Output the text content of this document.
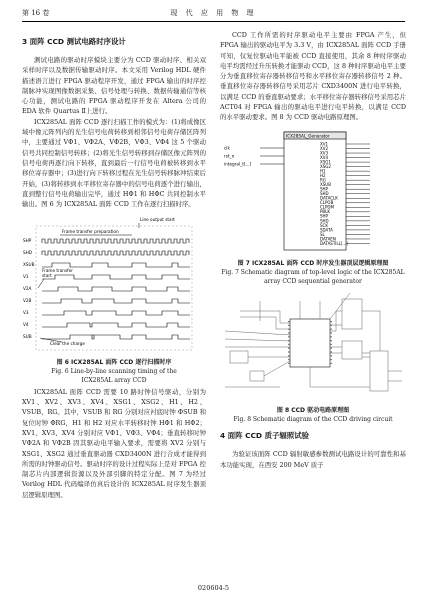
第 16 卷	现 代 应 用 物 理
3 面阵 CCD 测试电路时序设计

测试电路的驱动时序模块主要分为 CCD 驱动时序、相关双采样时序以及数据传输驱动时序。本文采用 Verilog HDL 硬件描述语言进行 FPGA 驱动程序开发，通过 FPGA 输出的时序控制脉冲实现图像数据采集、信号处理与转换、数据传输通信等核心功能，测试电路的 FPGA 驱动程序开发在 Altera 公司的 EDA 软件 Quartus Ⅱ上进行。

ICX285AL 面阵 CCD 逐行扫描工作的模式为：(1)将成像区域中像元阵列内的光生信号电荷转移到相邻信号电荷存储区阵列中，主要通过 VΦ1、VΦ2A、VΦ2B、VΦ3、VΦ4 这 5 个驱动信号共同控制信号转移；(2)将光生信号转移到存储区像元阵列的信号电荷再逐行向下转移，直到最后一行信号电荷被转移到水平移位寄存器中；(3)进行向下转移过程在光生信号转移脉冲结束后开始，(3)将转移到水平移位寄存器中的信号电荷逐个进行输出，直到整行信号电荷输出完毕，通过 HΦ1 和 HΦC 共同控制水平输出。图 6 为 ICX285AL 面阵 CCD 工作在逐行扫描时序。

Line output start
Frame transfer preparation
Frame transfer
start
Clear the charge
SHP
SHD
XSUB
V1
V2A
V2B
V3
V4
SUB
图 6 ICX285AL 面阵 CCD 逐行扫描时序
Fig. 6 Line-by-line scanning timing of the
ICX285AL array CCD

ICX285AL 面阵 CCD 需要 10 路时钟信号驱动，分别为 XV1、XV2、XV3、XV4、XSG1、XSG2、H1、H2、VSUB、RG。其中，VSUB 和 RG 分别对应衬底时钟 ΦSUB 和复位时钟 ΦRG，H1 和 H2 对应水平转移时钟 HΦ1 和 HΦ2；XV1、XV3、XV4 分别对应 VΦ1、VΦ3、VΦ4；垂直转移时钟 VΦ2A 和 VΦ2B 因其驱动电平输入要求，需要将 XV2 分别与 XSG1、XSG2 通过垂直驱动器 CXD3400N 进行合成才能得到所需的时钟驱动信号。驱动时序的设计过程实际上是对 FPGA 控制芯片内部逻辑资源以及外部引脚的特定分配。图 7 为经过 Verilog HDL 代码编译仿真后设计的 ICX285AL 时序发生器顶层逻辑原理图。

CCD 工作所需的时序驱动电平主要由 FPGA 产生，但 FPGA 输出的驱动电平为 3.3 V，由 ICX285AL 面阵 CCD 手册可知，仅复位驱动电平能被 CCD 直接使用，其余 8 种时序驱动电平均需经过升压转换才能驱动 CCD，这 8 种时序驱动电平主要分为垂直移位寄存器转移信号和水平移位寄存器转移信号 2 种。垂直移位寄存器转移信号采用芯片 CXD3400N 进行电平转换，以满足 CCD 的垂直驱动要求；水平移位寄存器转移信号采用芯片 ACT04 对 FPGA 输出的驱动电平进行电平转换，以满足 CCD 的水平驱动要求。图 8 为 CCD 驱动电路原理图。

ICX285AL_Generator
clk
rst_n
integral_t[...]
XV1
XV2
XV3
XV4
XSG1
XSG2
H1
H2
RG
XSUB
SHP
SHD
DATACLK
CLPOB
CLPDM
PBLK
SHP
SHD
SCK
SDATA
SL
DATAEN
DATASTILL[...]
图 7 ICX285AL 面阵 CCD 时序发生器顶层逻辑原理图
Fig. 7 Schematic diagram of top-level logic of the ICX285AL
array CCD sequential generator
图 8 CCD 驱动电路原理图
Fig. 8 Schematic diagram of the CCD driving circuit
4 面阵 CCD 质子辐照试验

为验证该面阵 CCD 辐射敏感参数测试电路设计的可靠性和基本功能实现，在西安 200 MeV 质子

020604-5
